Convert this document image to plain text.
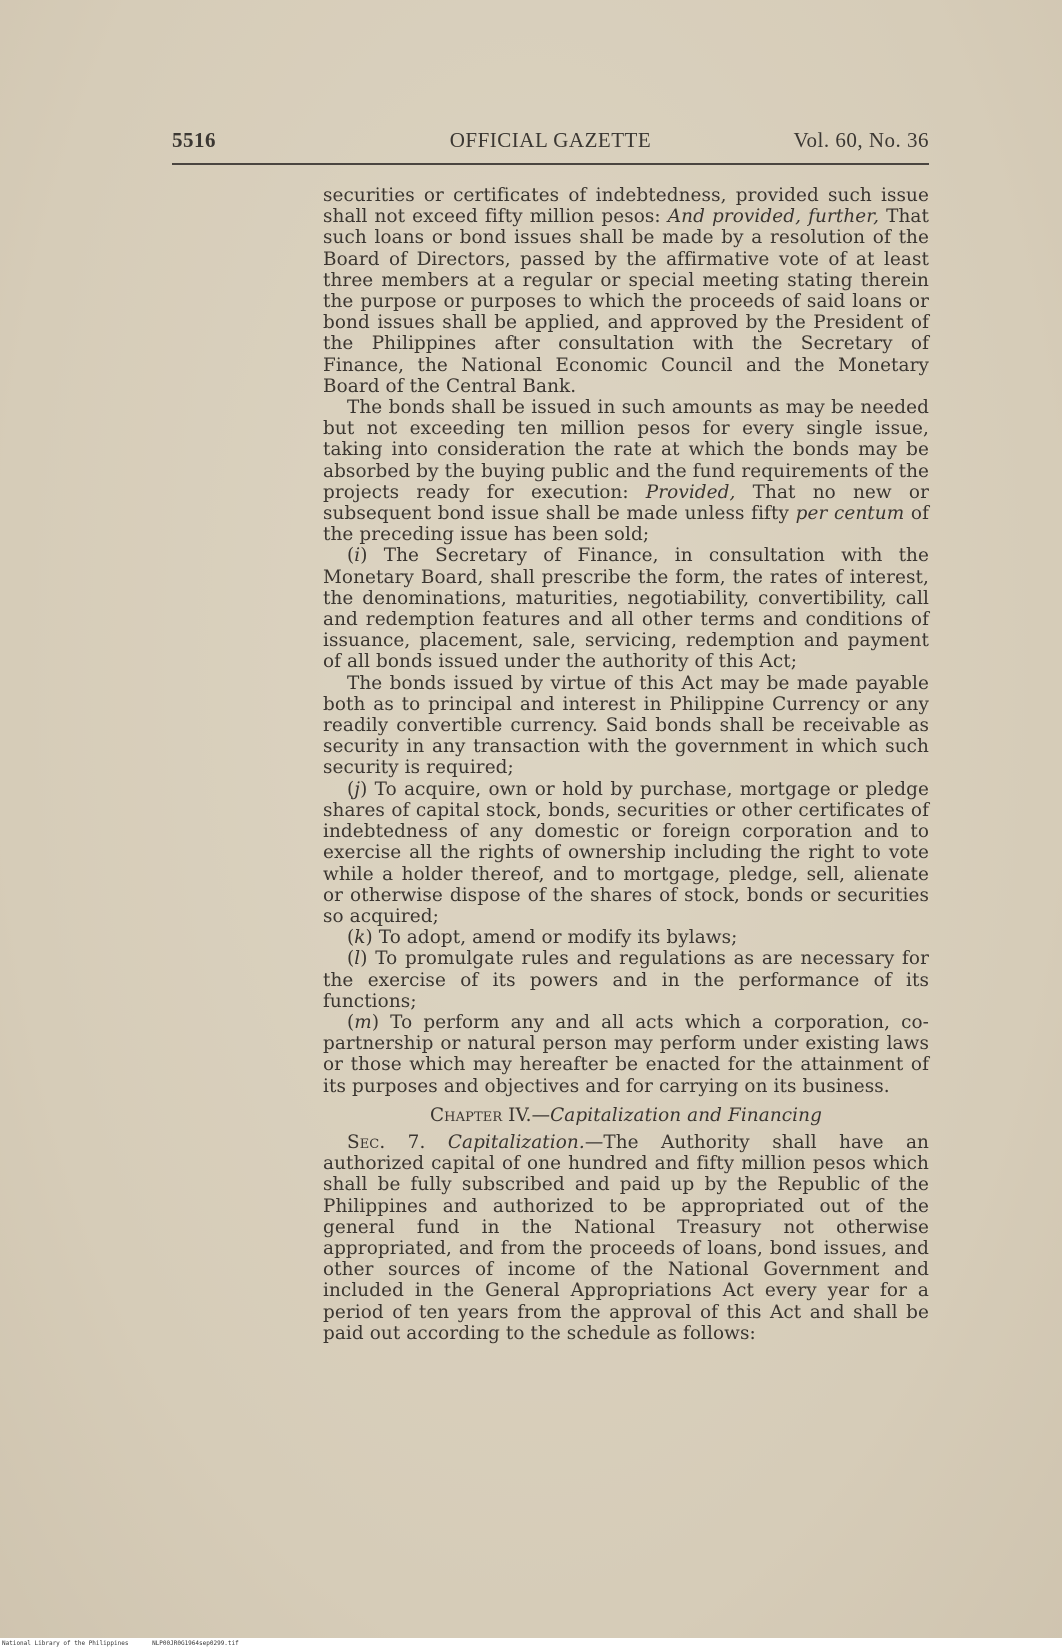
5516	OFFICIAL GAZETTE	Vol. 60, No. 36

securities or certificates of indebtedness, provided such issue shall not exceed fifty million pesos: And provided, further, That such loans or bond issues shall be made by a resolution of the Board of Directors, passed by the affirmative vote of at least three members at a regular or special meeting stating therein the purpose or purposes to which the proceeds of said loans or bond issues shall be applied, and approved by the President of the Philippines after consultation with the Secretary of Finance, the National Economic Council and the Monetary Board of the Central Bank.

The bonds shall be issued in such amounts as may be needed but not exceeding ten million pesos for every single issue, taking into consideration the rate at which the bonds may be absorbed by the buying public and the fund requirements of the projects ready for execution: Provided, That no new or subsequent bond issue shall be made unless fifty per centum of the preceding issue has been sold;

(i) The Secretary of Finance, in consultation with the Monetary Board, shall prescribe the form, the rates of interest, the denominations, maturities, negotiability, convertibility, call and redemption features and all other terms and conditions of issuance, placement, sale, servicing, redemption and payment of all bonds issued under the authority of this Act;

The bonds issued by virtue of this Act may be made payable both as to principal and interest in Philippine Currency or any readily convertible currency. Said bonds shall be receivable as security in any transaction with the government in which such security is required;

(j) To acquire, own or hold by purchase, mortgage or pledge shares of capital stock, bonds, securities or other certificates of indebtedness of any domestic or foreign corporation and to exercise all the rights of ownership including the right to vote while a holder thereof, and to mortgage, pledge, sell, alienate or otherwise dispose of the shares of stock, bonds or securities so acquired;

(k) To adopt, amend or modify its bylaws;

(l) To promulgate rules and regulations as are necessary for the exercise of its powers and in the performance of its functions;

(m) To perform any and all acts which a corporation, co-partnership or natural person may perform under existing laws or those which may hereafter be enacted for the attainment of its purposes and objectives and for carrying on its business.

Chapter IV.—Capitalization and Financing

Sec. 7. Capitalization.—The Authority shall have an authorized capital of one hundred and fifty million pesos which shall be fully subscribed and paid up by the Republic of the Philippines and authorized to be appropriated out of the general fund in the National Treasury not otherwise appropriated, and from the proceeds of loans, bond issues, and other sources of income of the National Government and included in the General Appropriations Act every year for a period of ten years from the approval of this Act and shall be paid out according to the schedule as follows:

National Library of the Philippines	NLP00JR0G1964sep0299.tif
